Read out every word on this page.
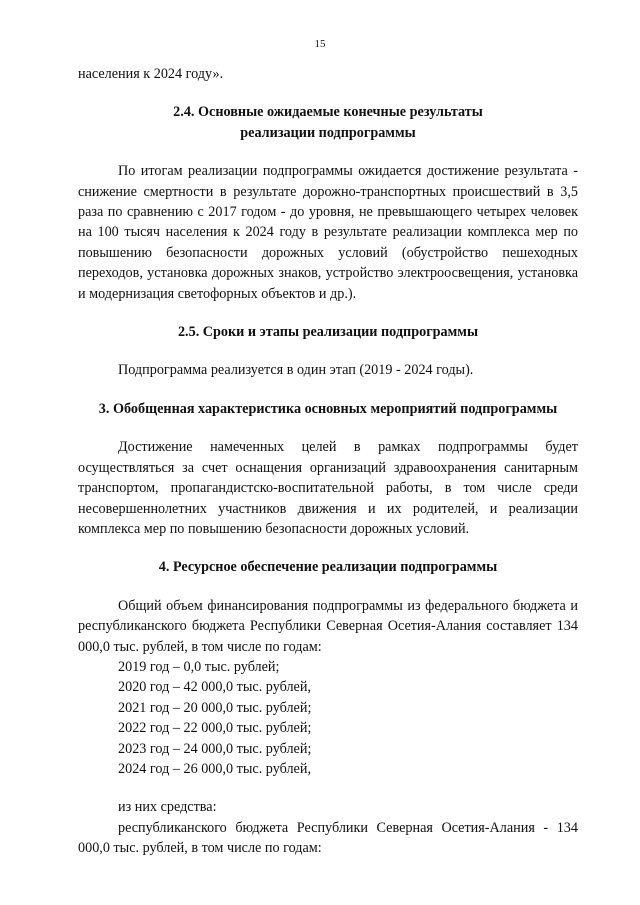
15

населения к 2024 году».

2.4. Основные ожидаемые конечные результаты

реализации подпрограммы

По итогам реализации подпрограммы ожидается достижение результата - снижение смертности в результате дорожно-транспортных происшествий в 3,5 раза по сравнению с 2017 годом - до уровня, не превышающего четырех человек на 100 тысяч населения к 2024 году в результате реализации комплекса мер по повышению безопасности дорожных условий (обустройство пешеходных переходов, установка дорожных знаков, устройство электроосвещения, установка и модернизация светофорных объектов и др.).

2.5. Сроки и этапы реализации подпрограммы

Подпрограмма реализуется в один этап (2019 - 2024 годы).

3. Обобщенная характеристика основных мероприятий подпрограммы

Достижение намеченных целей в рамках подпрограммы будет осуществляться за счет оснащения организаций здравоохранения санитарным транспортом, пропагандистско-воспитательной работы, в том числе среди несовершеннолетних участников движения и их родителей, и реализации комплекса мер по повышению безопасности дорожных условий.

4. Ресурсное обеспечение реализации подпрограммы

Общий объем финансирования подпрограммы из федерального бюджета и республиканского бюджета Республики Северная Осетия-Алания составляет 134 000,0 тыс. рублей, в том числе по годам:

2019 год – 0,0 тыс. рублей;

2020 год – 42 000,0 тыс. рублей,

2021 год – 20 000,0 тыс. рублей;

2022 год – 22 000,0 тыс. рублей;

2023 год – 24 000,0 тыс. рублей;

2024 год – 26 000,0 тыс. рублей,

из них средства:

республиканского бюджета Республики Северная Осетия-Алания - 134 000,0 тыс. рублей, в том числе по годам:
